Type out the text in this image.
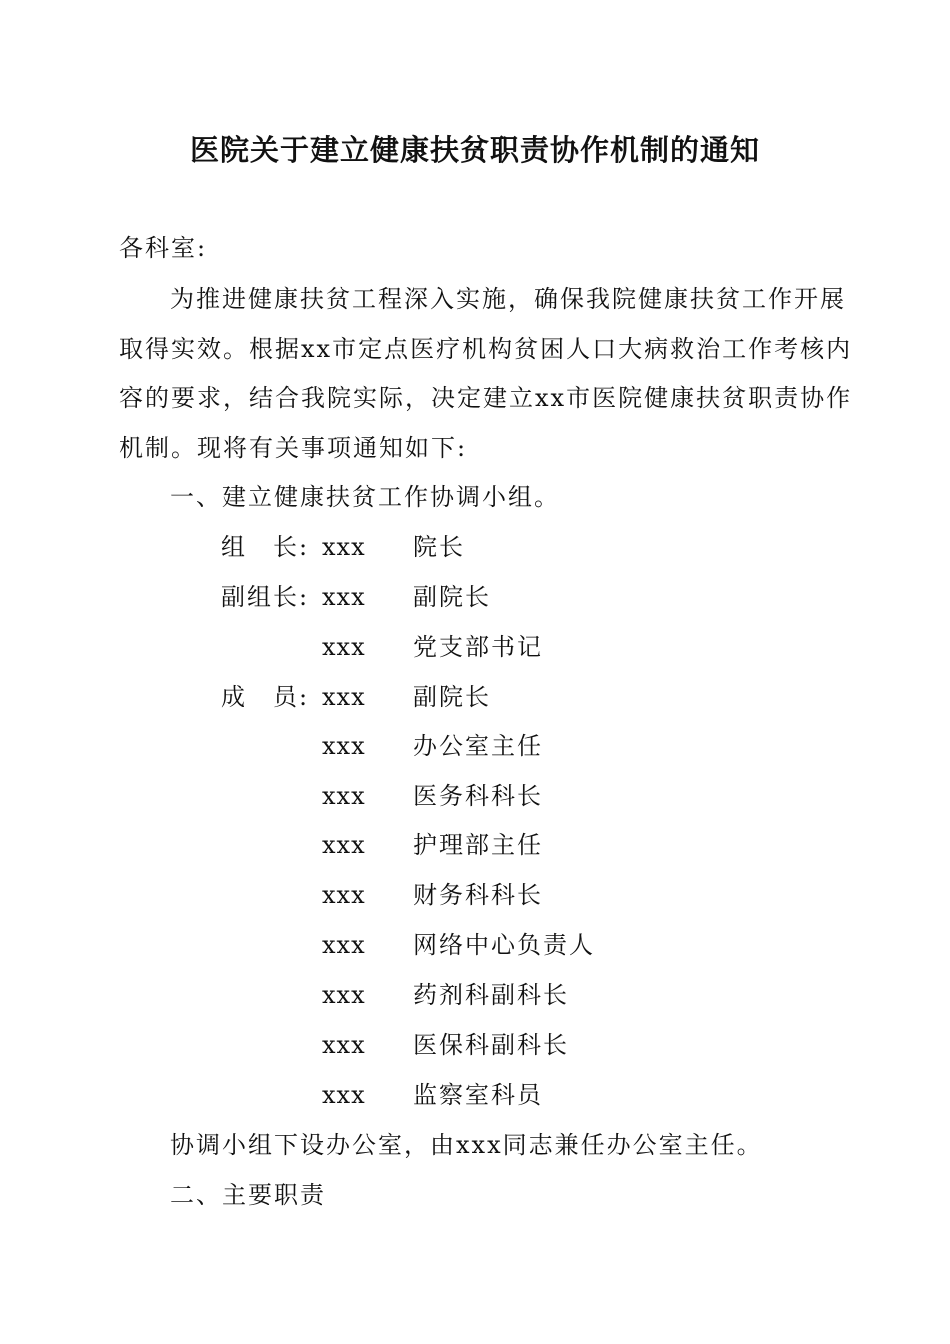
医院关于建立健康扶贫职责协作机制的通知
各科室:
为推进健康扶贫工程深入实施，确保我院健康扶贫工作开展
取得实效。根据xx市定点医疗机构贫困人口大病救治工作考核内
容的要求，结合我院实际，决定建立xx市医院健康扶贫职责协作
机制。现将有关事项通知如下:
一、建立健康扶贫工作协调小组。
组　长:
副组长:
成　员:
xxx 院长
xxx 副院长
xxx 党支部书记
xxx 副院长
xxx 办公室主任
xxx 医务科科长
xxx 护理部主任
xxx 财务科科长
xxx 网络中心负责人
xxx 药剂科副科长
xxx 医保科副科长
xxx 监察室科员
协调小组下设办公室，由xxx同志兼任办公室主任。
二、主要职责
